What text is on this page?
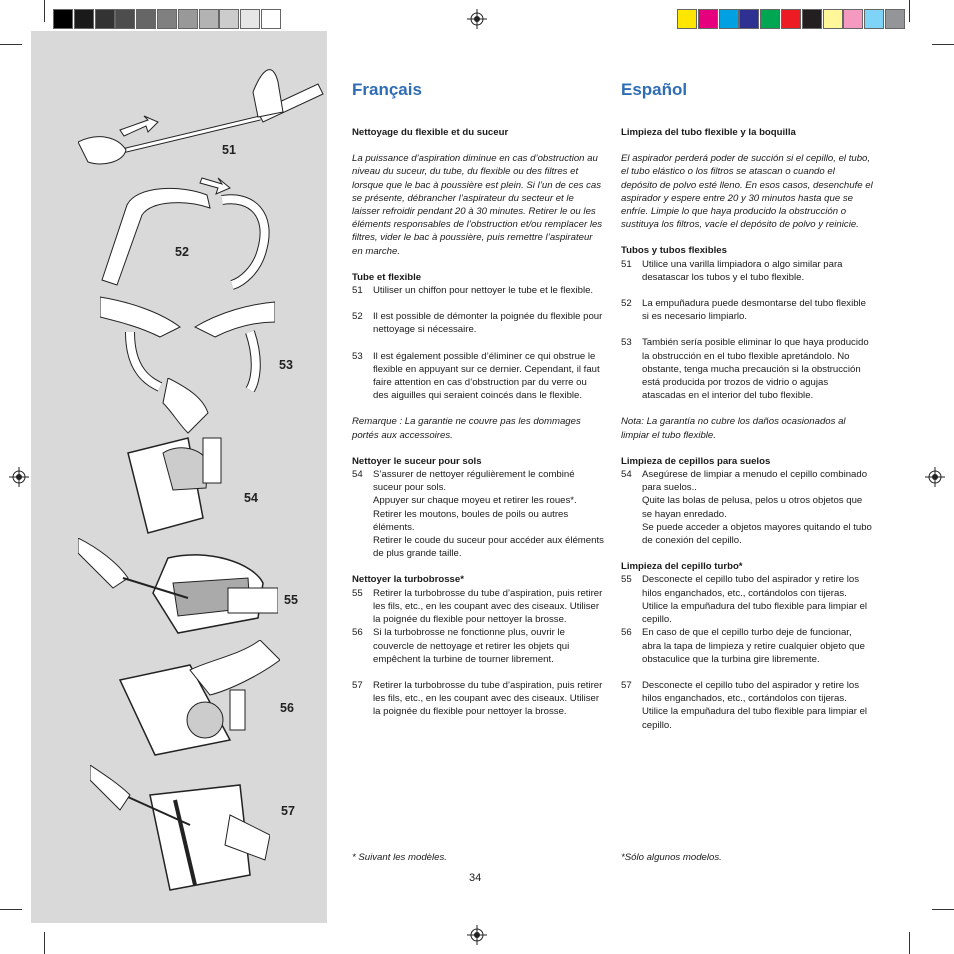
51
52
53
54
55
56
57
Français

Nettoyage du flexible et du suceur

La puissance d’aspiration diminue en cas d’obstruction au niveau du suceur, du tube, du flexible ou des filtres et lorsque que le bac à poussière est plein. Si l’un de ces cas se présente, débrancher l’aspirateur du secteur et le laisser refroidir pendant 20 à 30 minutes. Retirer le ou les éléments responsables de l’obstruction et/ou remplacer les filtres, vider le bac à poussière, puis remettre l’aspirateur en marche.

Tube et flexible

51	Utiliser un chiffon pour nettoyer le tube et le flexible.
52	Il est possible de démonter la poignée du flexible pour nettoyage si nécessaire.
53	Il est également possible d’éliminer ce qui obstrue le flexible en appuyant sur ce dernier. Cependant, il faut faire attention en cas d’obstruction par du verre ou des aiguilles qui seraient coincés dans le flexible.

Remarque : La garantie ne couvre pas les dommages portés aux accessoires.

Nettoyer le suceur pour sols

54	S’assurer de nettoyer régulièrement le combiné suceur pour sols.
Appuyer sur chaque moyeu et retirer les roues*.
Retirer les moutons, boules de poils ou autres éléments.
Retirer le coude du suceur pour accéder aux éléments de plus grande taille.

Nettoyer la turbobrosse*

55	Retirer la turbobrosse du tube d’aspiration, puis retirer les fils, etc., en les coupant avec des ciseaux. Utiliser la poignée du flexible pour nettoyer la brosse.
56	Si la turbobrosse ne fonctionne plus, ouvrir le couvercle de nettoyage et retirer les objets qui empêchent la turbine de tourner librement.
57	Retirer la turbobrosse du tube d’aspiration, puis retirer les fils, etc., en les coupant avec des ciseaux. Utiliser la poignée du flexible pour nettoyer la brosse.
Español

Limpieza del tubo flexible y la boquilla

El aspirador perderá poder de succión si el cepillo, el tubo, el tubo elástico o los filtros se atascan o cuando el depósito de polvo esté lleno. En esos casos, desenchufe el aspirador y espere entre 20 y 30 minutos hasta que se enfríe. Limpie lo que haya producido la obstrucción o sustituya los filtros, vacíe el depósito de polvo y reinicie.

Tubos y tubos flexibles

51	Utilice una varilla limpiadora o algo similar para desatascar los tubos y el tubo flexible.
52	La empuñadura puede desmontarse del tubo flexible si es necesario limpiarlo.
53	También sería posible eliminar lo que haya producido la obstrucción en el tubo flexible apretándolo. No obstante, tenga mucha precaución si la obstrucción está producida por trozos de vidrio o agujas atascadas en el interior del tubo flexible.

Nota: La garantía no cubre los daños ocasionados al limpiar el tubo flexible.

Limpieza de cepillos para suelos

54	Asegúrese de limpiar a menudo el cepillo combinado para suelos..
Quite las bolas de pelusa, pelos u otros objetos que se hayan enredado.
Se puede acceder a objetos mayores quitando el tubo de conexión del cepillo.

Limpieza del cepillo turbo*

55	Desconecte el cepillo tubo del aspirador y retire los hilos enganchados, etc., cortándolos con tijeras. Utilice la empuñadura del tubo flexible para limpiar el cepillo.
56	En caso de que el cepillo turbo deje de funcionar, abra la tapa de limpieza y retire cualquier objeto que obstaculice que la turbina gire libremente.
57	Desconecte el cepillo tubo del aspirador y retire los hilos enganchados, etc., cortándolos con tijeras. Utilice la empuñadura del tubo flexible para limpiar el cepillo.
* Suivant les modèles.	*Sólo algunos modelos.
34
